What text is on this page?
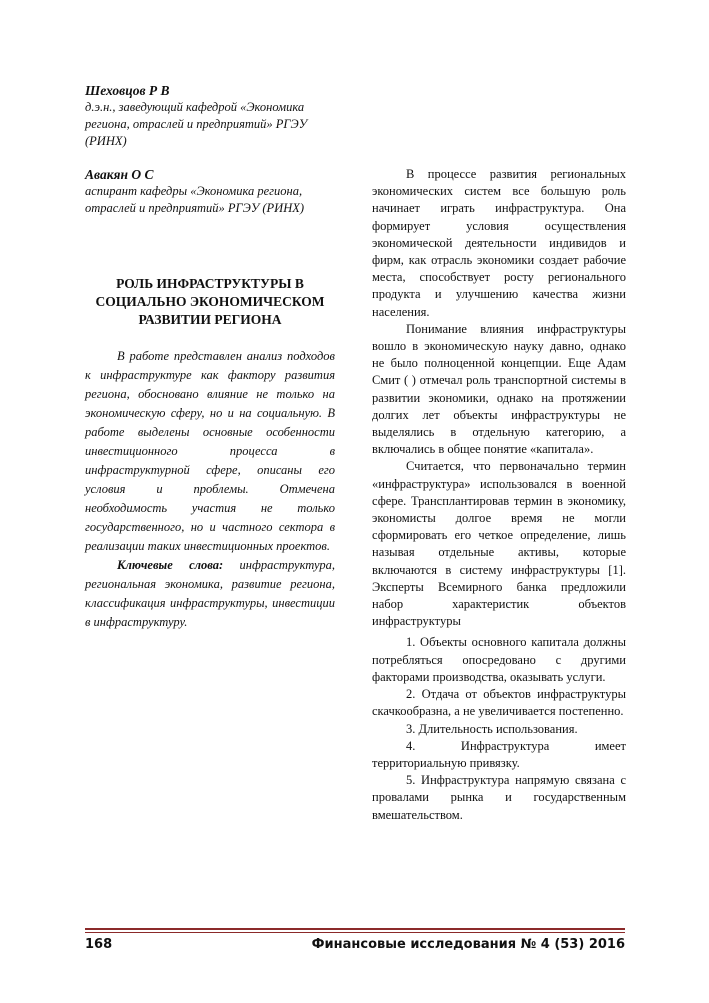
Шеховцов Р В

д.э.н., заведующий кафедрой «Экономика региона, отраслей и предприятий» РГЭУ (РИНХ)

Авакян О С

аспирант кафедры «Экономика региона, отраслей и предприятий» РГЭУ (РИНХ)

РОЛЬ ИНФРАСТРУКТУРЫ В СОЦИАЛЬНО ЭКОНОМИЧЕСКОМ РАЗВИТИИ РЕГИОНА

В работе представлен анализ подходов к инфраструктуре как фактору развития региона, обосновано влияние не только на экономическую сферу, но и на социальную. В работе выделены основные особенности инвестиционного процесса в инфраструктурной сфере, описаны его условия и проблемы. Отмечена необходимость участия не только государственного, но и частного сектора в реализации таких инвестиционных проектов.

Ключевые слова: инфраструктура, региональная экономика, развитие региона, классификация инфраструктуры, инвестиции в инфраструктуру.

В процессе развития региональных экономических систем все большую роль начинает играть инфраструктура. Она формирует условия осуществления экономической деятельности индивидов и фирм, как отрасль экономики создает рабочие места, способствует росту регионального продукта и улучшению качества жизни населения.

Понимание влияния инфраструктуры вошло в экономическую науку давно, однако не было полноценной концепции. Еще Адам Смит ( ) отмечал роль транспортной системы в развитии экономики, однако на протяжении долгих лет объекты инфраструктуры не выделялись в отдельную категорию, а включались в общее понятие «капитала».

Считается, что первоначально термин «инфраструктура» использовался в военной сфере. Трансплантировав термин в экономику, экономисты долгое время не могли сформировать его четкое определение, лишь называя отдельные активы, которые включаются в систему инфраструктуры [1]. Эксперты Всемирного банка предложили набор характеристик объектов инфраструктуры

1. Объекты основного капитала должны потребляться опосредовано с другими факторами производства, оказывать услуги.

2. Отдача от объектов инфраструктуры скачкообразна, а не увеличивается постепенно.

3. Длительность использования.

4. Инфраструктура имеет территориальную привязку.

5. Инфраструктура напрямую связана с провалами рынка и государственным вмешательством.

168	Финансовые исследования № 4 (53) 2016
